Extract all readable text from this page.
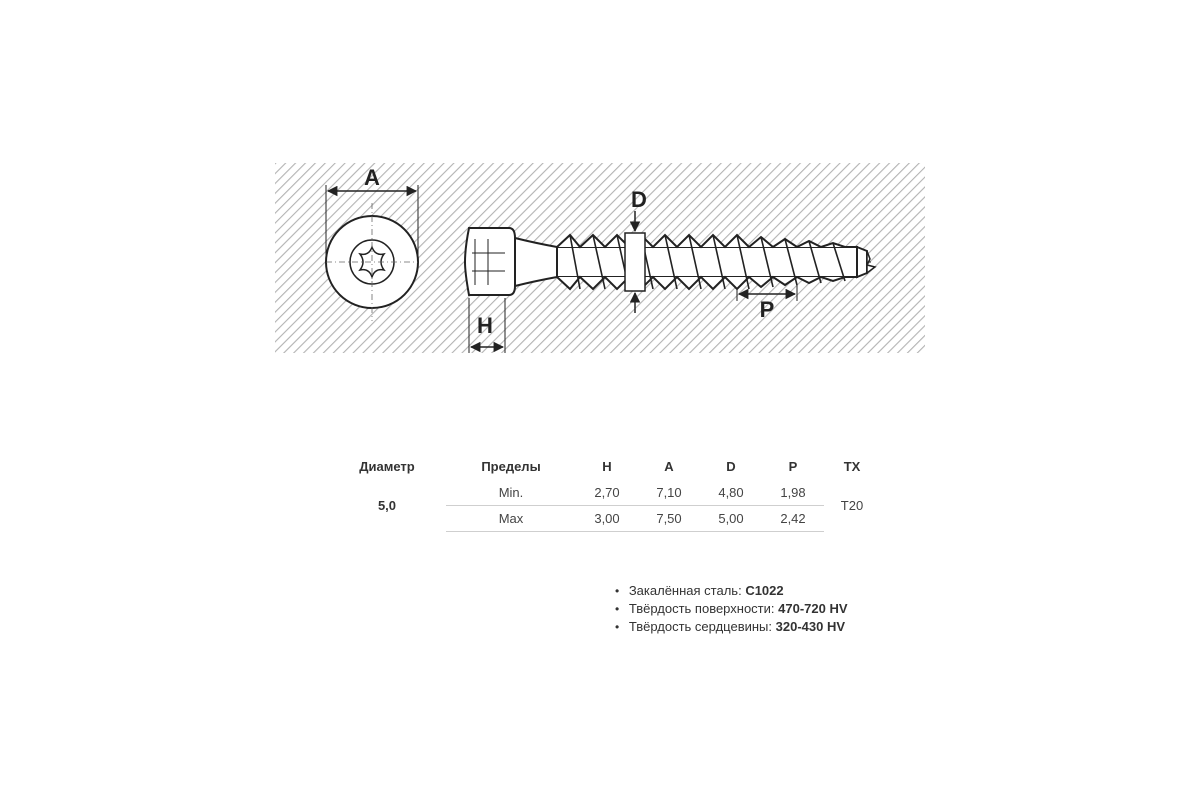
A
H
D
P
Диаметр	Пределы	H	A	D	P	TX
5,0	Min.	2,70	7,10	4,80	1,98	T20
	Max	3,00	7,50	5,00	2,42	
• Закалённая сталь: C1022
• Твёрдость поверхности: 470-720 HV
• Твёрдость сердцевины: 320-430 HV
